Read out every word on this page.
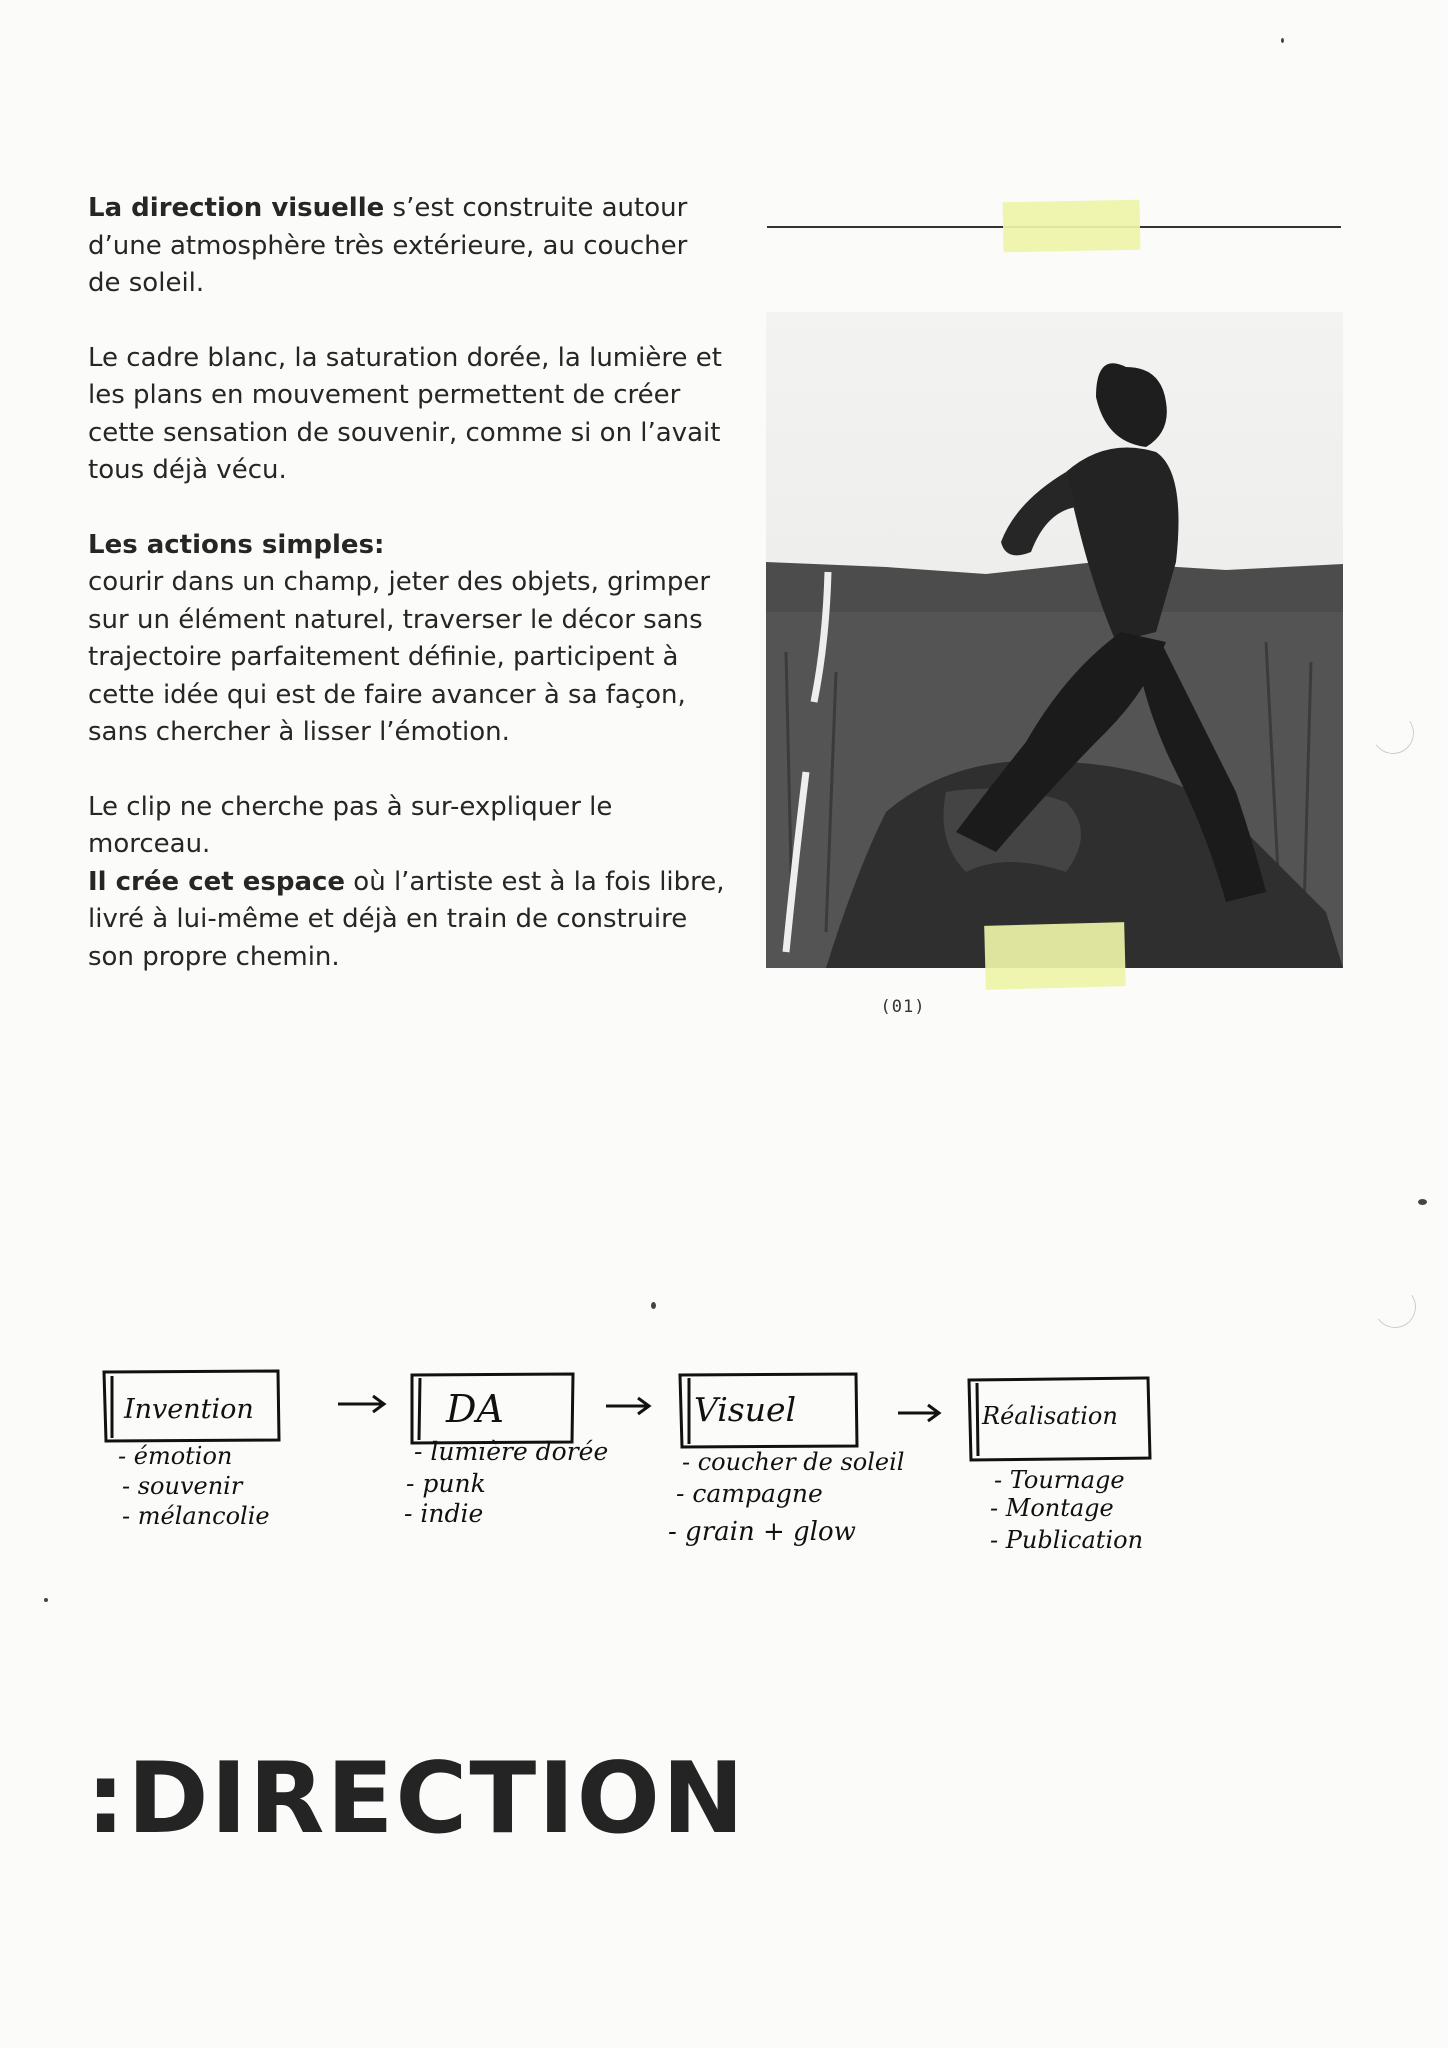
La direction visuelle s’est construite autour d’une atmosphère très extérieure, au coucher de soleil.

Le cadre blanc, la saturation dorée, la lumière et les plans en mouvement permettent de créer cette sensation de souvenir, comme si on l’avait tous déjà vécu.

Les actions simples:
courir dans un champ, jeter des objets, grimper sur un élément naturel, traverser le décor sans trajectoire parfaitement définie, participent à cette idée qui est de faire avancer à sa façon, sans chercher à lisser l’émotion.

Le clip ne cherche pas à sur-expliquer le morceau.
Il crée cet espace où l’artiste est à la fois libre, livré à lui-même et déjà en train de construire son propre chemin.

(01)
Invention	DA	Visuel	Réalisation
- émotion
- souvenir
- mélancolie
- lumière dorée
- punk
- indie
- coucher de soleil
- campagne
- grain + glow
- Tournage
- Montage
- Publication
:DIRECTION
